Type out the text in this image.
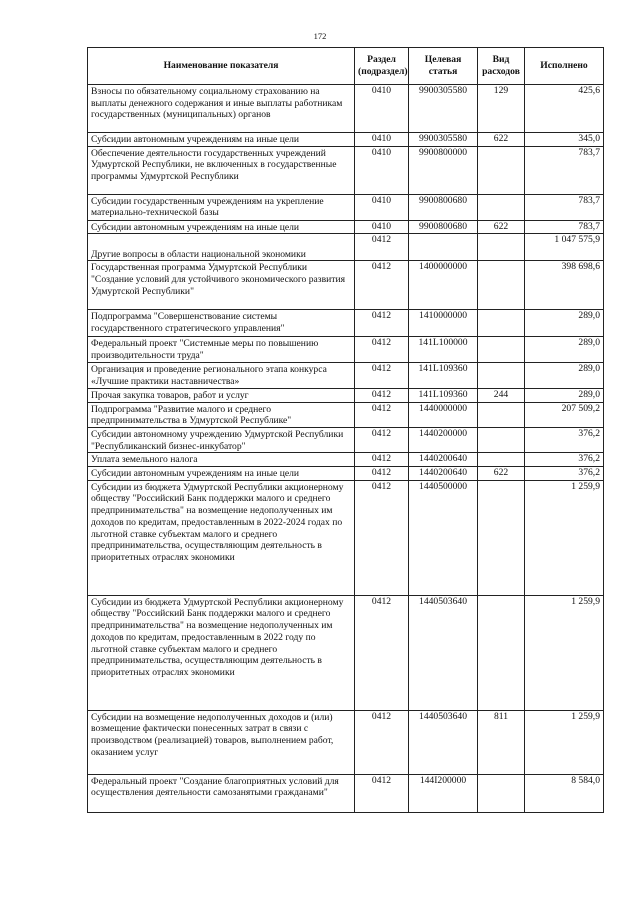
172
Наименование показателя	Раздел (подраздел)	Целевая статья	Вид расходов	Исполнено
Взносы по обязательному социальному страхованию на выплаты денежного содержания и иные выплаты работникам государственных (муниципальных) органов	0410	9900305580	129	425,6
Субсидии автономным учреждениям на иные цели	0410	9900305580	622	345,0
Обеспечение деятельности государственных учреждений Удмуртской Республики, не включенных в государственные программы Удмуртской Республики	0410	9900800000		783,7
Субсидии государственным учреждениям на укрепление материально-технической базы	0410	9900800680		783,7
Субсидии автономным учреждениям на иные цели	0410	9900800680	622	783,7
Другие вопросы в области национальной экономики	0412			1 047 575,9
Государственная программа Удмуртской Республики "Создание условий для устойчивого экономического развития Удмуртской Республики"	0412	1400000000		398 698,6
Подпрограмма "Совершенствование системы государственного стратегического управления"	0412	1410000000		289,0
Федеральный проект "Системные меры по повышению производительности труда"	0412	141L100000		289,0
Организация и проведение регионального этапа конкурса «Лучшие практики наставничества»	0412	141L109360		289,0
Прочая закупка товаров, работ и услуг	0412	141L109360	244	289,0
Подпрограмма "Развитие малого и среднего предпринимательства в Удмуртской Республике"	0412	1440000000		207 509,2
Субсидии автономному учреждению Удмуртской Республики "Республиканский бизнес-инкубатор"	0412	1440200000		376,2
Уплата земельного налога	0412	1440200640		376,2
Субсидии автономным учреждениям на иные цели	0412	1440200640	622	376,2
Субсидии из бюджета Удмуртской Республики акционерному обществу "Российский Банк поддержки малого и среднего предпринимательства" на возмещение недополученных им доходов по кредитам, предоставленным в 2022-2024 годах по льготной ставке субъектам малого и среднего предпринимательства, осуществляющим деятельность в приоритетных отраслях экономики	0412	1440500000		1 259,9
Субсидии из бюджета Удмуртской Республики акционерному обществу "Российский Банк поддержки малого и среднего предпринимательства" на возмещение недополученных им доходов по кредитам, предоставленным в 2022 году по льготной ставке субъектам малого и среднего предпринимательства, осуществляющим деятельность в приоритетных отраслях экономики	0412	1440503640		1 259,9
Субсидии на возмещение недополученных доходов и (или) возмещение фактически понесенных затрат в связи с производством (реализацией) товаров, выполнением работ, оказанием услуг	0412	1440503640	811	1 259,9
Федеральный проект "Создание благоприятных условий для осуществления деятельности самозанятыми гражданами"	0412	144I200000		8 584,0
